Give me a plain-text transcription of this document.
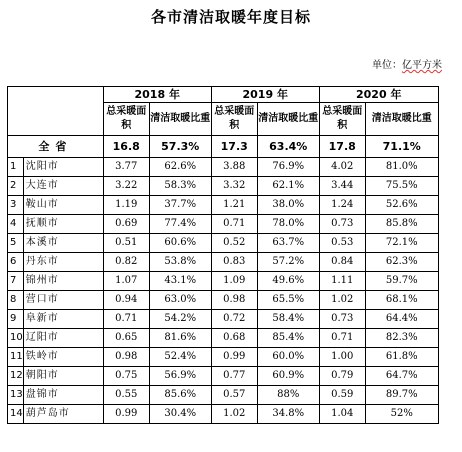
各市清洁取暖年度目标
单位：亿平方米
		2018 年		2019 年		2020 年	
		总采暖面积	清洁取暖比重	总采暖面积	清洁取暖比重	总采暖面积	清洁取暖比重
全省		16.8	57.3%	17.3	63.4%	17.8	71.1%
1	沈阳市	3.77	62.6%	3.88	76.9%	4.02	81.0%
2	大连市	3.22	58.3%	3.32	62.1%	3.44	75.5%
3	鞍山市	1.19	37.7%	1.21	38.0%	1.24	52.6%
4	抚顺市	0.69	77.4%	0.71	78.0%	0.73	85.8%
5	本溪市	0.51	60.6%	0.52	63.7%	0.53	72.1%
6	丹东市	0.82	53.8%	0.83	57.2%	0.84	62.3%
7	锦州市	1.07	43.1%	1.09	49.6%	1.11	59.7%
8	营口市	0.94	63.0%	0.98	65.5%	1.02	68.1%
9	阜新市	0.71	54.2%	0.72	58.4%	0.73	64.4%
10	辽阳市	0.65	81.6%	0.68	85.4%	0.71	82.3%
11	铁岭市	0.98	52.4%	0.99	60.0%	1.00	61.8%
12	朝阳市	0.75	56.9%	0.77	60.9%	0.79	64.7%
13	盘锦市	0.55	85.6%	0.57	88%	0.59	89.7%
14	葫芦岛市	0.99	30.4%	1.02	34.8%	1.04	52%
